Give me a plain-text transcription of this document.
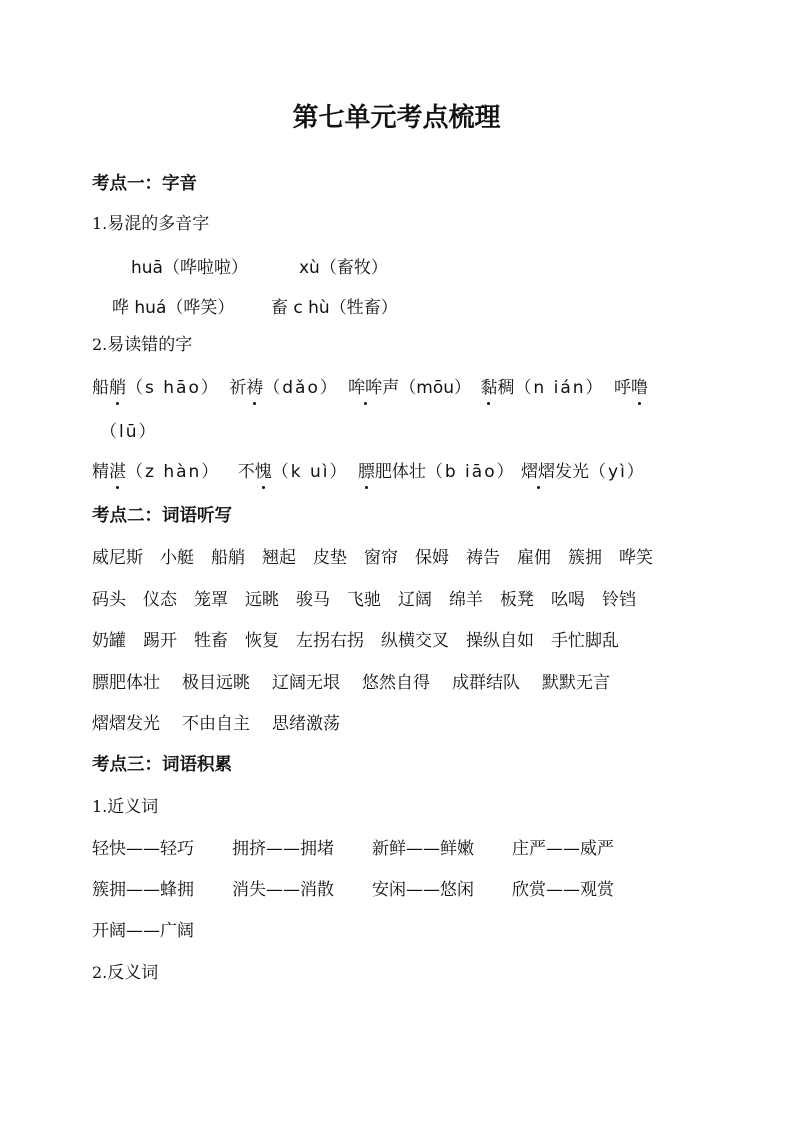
第七单元考点梳理
考点一：字音
1.易混的多音字
huā（哗啦啦）	xù（畜牧）
哗 huá（哗笑） 畜 c hù（牲畜）
2.易读错的字
船艄（s hāo） 祈祷（dǎo） 哞哞声（mōu） 黏稠（n ián） 呼噜
（lū）
精湛（z hàn） 不愧（k uì） 膘肥体壮（b iāo） 熠熠发光（yì）
考点二：词语听写
威尼斯 小艇 船艄 翘起 皮垫 窗帘 保姆 祷告 雇佣 簇拥 哗笑
码头 仪态 笼罩 远眺 骏马 飞驰 辽阔 绵羊 板凳 吆喝 铃铛
奶罐 踢开 牲畜 恢复 左拐右拐 纵横交叉 操纵自如 手忙脚乱
膘肥体壮 极目远眺 辽阔无垠 悠然自得 成群结队 默默无言
熠熠发光 不由自主 思绪激荡
考点三：词语积累
1.近义词
轻快——轻巧 拥挤——拥堵 新鲜——鲜嫩 庄严——威严
簇拥——蜂拥 消失——消散 安闲——悠闲 欣赏——观赏
开阔——广阔
2.反义词
